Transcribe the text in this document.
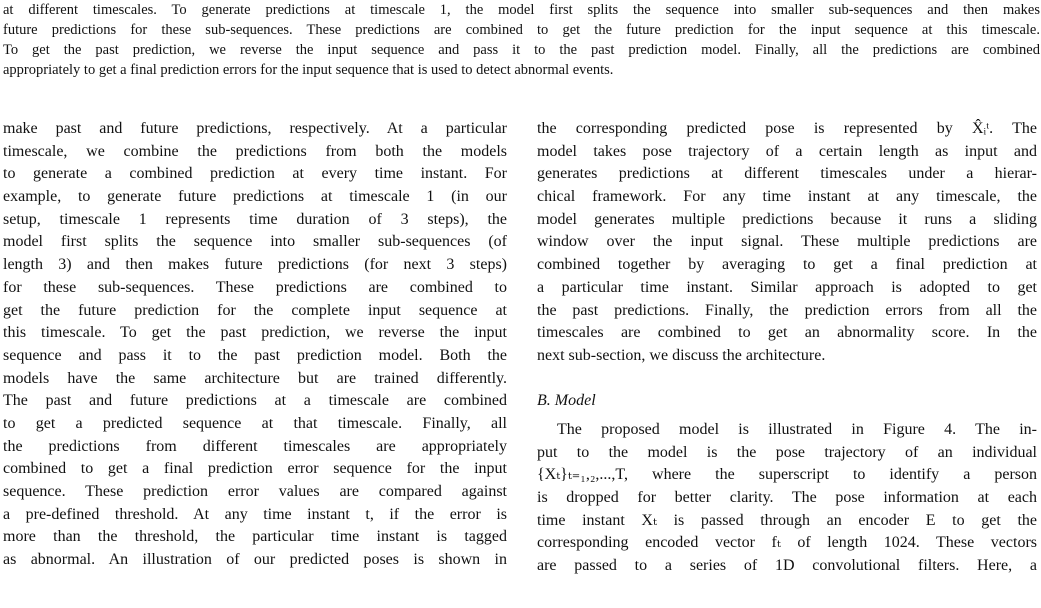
at different timescales. To generate predictions at timescale 1, the model first splits the sequence into smaller sub-sequences and then makes
future predictions for these sub-sequences. These predictions are combined to get the future prediction for the input sequence at this timescale.
To get the past prediction, we reverse the input sequence and pass it to the past prediction model. Finally, all the predictions are combined
appropriately to get a final prediction errors for the input sequence that is used to detect abnormal events.
make past and future predictions, respectively. At a particular
timescale, we combine the predictions from both the models
to generate a combined prediction at every time instant. For
example, to generate future predictions at timescale 1 (in our
setup, timescale 1 represents time duration of 3 steps), the
model first splits the sequence into smaller sub-sequences (of
length 3) and then makes future predictions (for next 3 steps)
for these sub-sequences. These predictions are combined to
get the future prediction for the complete input sequence at
this timescale. To get the past prediction, we reverse the input
sequence and pass it to the past prediction model. Both the
models have the same architecture but are trained differently.
The past and future predictions at a timescale are combined
to get a predicted sequence at that timescale. Finally, all
the predictions from different timescales are appropriately
combined to get a final prediction error sequence for the input
sequence. These prediction error values are compared against
a pre-defined threshold. At any time instant t, if the error is
more than the threshold, the particular time instant is tagged
as abnormal. An illustration of our predicted poses is shown in
the corresponding predicted pose is represented by X̂ᵢᵗ. The
model takes pose trajectory of a certain length as input and
generates predictions at different timescales under a hierar-
chical framework. For any time instant at any timescale, the
model generates multiple predictions because it runs a sliding
window over the input signal. These multiple predictions are
combined together by averaging to get a final prediction at
a particular time instant. Similar approach is adopted to get
the past predictions. Finally, the prediction errors from all the
timescales are combined to get an abnormality score. In the
next sub-section, we discuss the architecture.
B. Model
The proposed model is illustrated in Figure 4. The in-
put to the model is the pose trajectory of an individual
{Xₜ}ₜ₌₁,₂,...,T, where the superscript to identify a person
is dropped for better clarity. The pose information at each
time instant Xₜ is passed through an encoder E to get the
corresponding encoded vector fₜ of length 1024. These vectors
are passed to a series of 1D convolutional filters. Here, a
